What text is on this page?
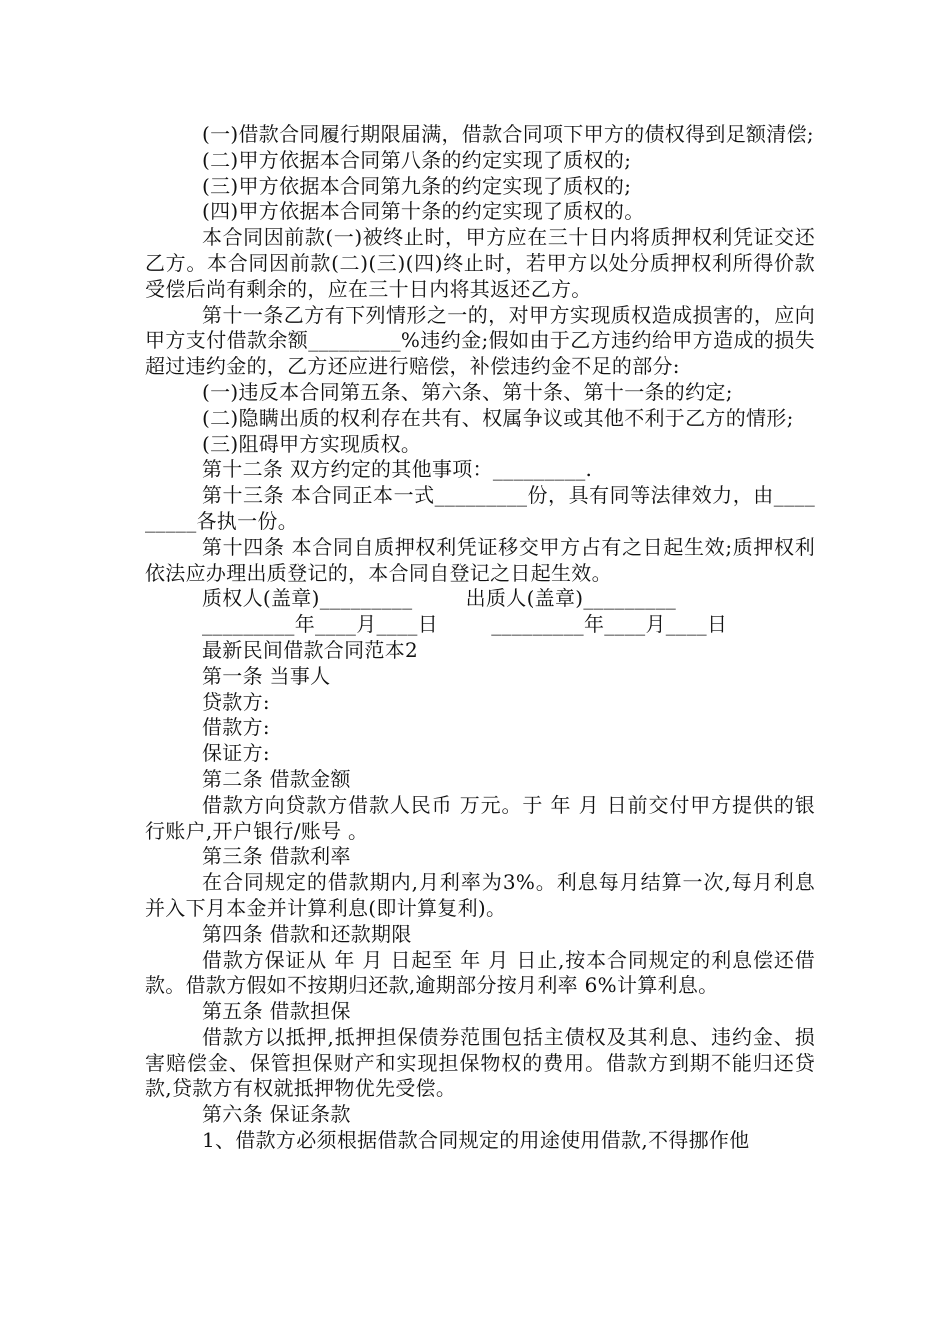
(一)借款合同履行期限届满，借款合同项下甲方的债权得到足额清偿;

(二)甲方依据本合同第八条的约定实现了质权的;

(三)甲方依据本合同第九条的约定实现了质权的;

(四)甲方依据本合同第十条的约定实现了质权的。

本合同因前款(一)被终止时，甲方应在三十日内将质押权利凭证交还乙方。本合同因前款(二)(三)(四)终止时，若甲方以处分质押权利所得价款受偿后尚有剩余的，应在三十日内将其返还乙方。

第十一条乙方有下列情形之一的，对甲方实现质权造成损害的，应向甲方支付借款余额_________%违约金;假如由于乙方违约给甲方造成的损失超过违约金的，乙方还应进行赔偿，补偿违约金不足的部分:

(一)违反本合同第五条、第六条、第十条、第十一条的约定;

(二)隐瞒出质的权利存在共有、权属争议或其他不利于乙方的情形;

(三)阻碍甲方实现质权。

第十二条 双方约定的其他事项：_________.

第十三条 本合同正本一式_________份，具有同等法律效力，由_________各执一份。

第十四条 本合同自质押权利凭证移交甲方占有之日起生效;质押权利依法应办理出质登记的，本合同自登记之日起生效。

质权人(盖章)_________        出质人(盖章)_________

_________年____月____日        _________年____月____日

最新民间借款合同范本2

第一条 当事人

贷款方:

借款方:

保证方:

第二条 借款金额

借款方向贷款方借款人民币 万元。于 年 月 日前交付甲方提供的银行账户,开户银行/账号 。

第三条 借款利率

在合同规定的借款期内,月利率为3%。利息每月结算一次,每月利息并入下月本金并计算利息(即计算复利)。

第四条 借款和还款期限

借款方保证从 年 月 日起至 年 月 日止,按本合同规定的利息偿还借款。借款方假如不按期归还款,逾期部分按月利率 6%计算利息。

第五条 借款担保

借款方以抵押,抵押担保债券范围包括主债权及其利息、违约金、损害赔偿金、保管担保财产和实现担保物权的费用。借款方到期不能归还贷款,贷款方有权就抵押物优先受偿。

第六条 保证条款

1、借款方必须根据借款合同规定的用途使用借款,不得挪作他
